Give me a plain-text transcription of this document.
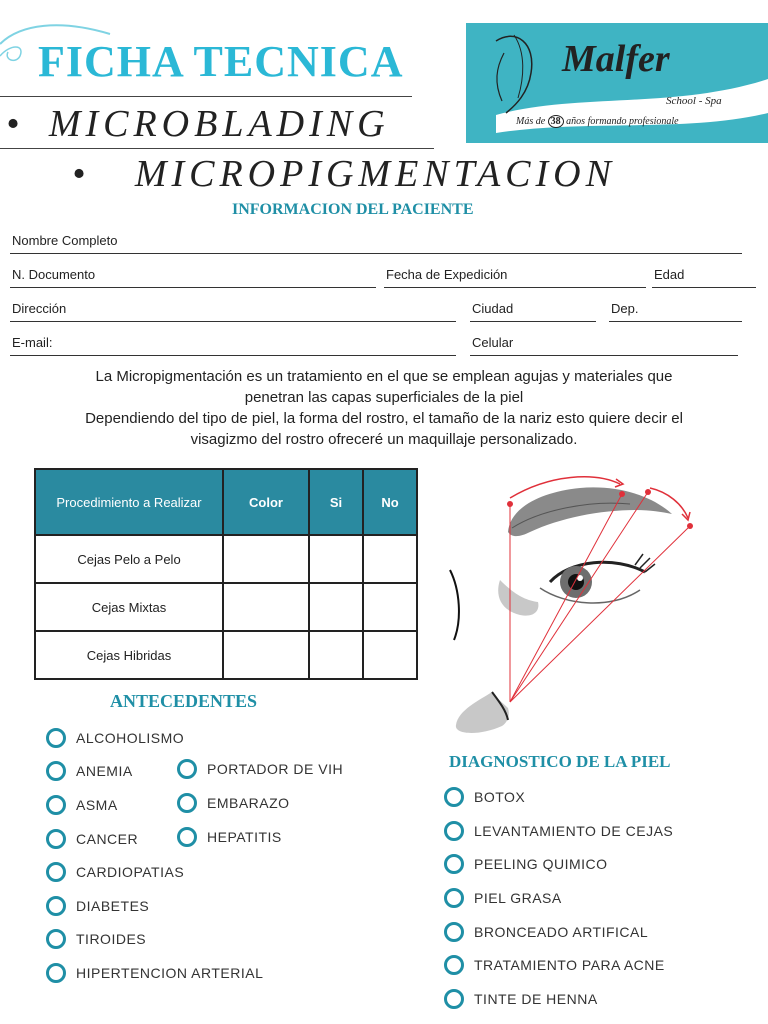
FICHA TECNICA
• MICROBLADING
• MICROPIGMENTACION
Malfer
School - Spa
Más de 38 años formando profesionale
INFORMACION DEL PACIENTE
Nombre Completo
N. Documento	Fecha de Expedición	Edad
Dirección	Ciudad	Dep.
E-mail:	Celular
La Micropigmentación es un tratamiento en el que se emplean agujas y materiales que
penetran las capas superficiales de la piel
Dependiendo del tipo de piel, la forma del rostro, el tamaño de la nariz esto quiere decir el
visagizmo del rostro ofreceré un maquillaje personalizado.
Procedimiento a Realizar	Color	Si	No
Cejas Pelo a Pelo			
Cejas Mixtas			
Cejas Hibridas			
ANTECEDENTES
ALCOHOLISMO
ANEMIA
ASMA
CANCER
CARDIOPATIAS
DIABETES
TIROIDES
HIPERTENCION ARTERIAL
PORTADOR DE VIH
EMBARAZO
HEPATITIS
DIAGNOSTICO DE LA PIEL
BOTOX
LEVANTAMIENTO DE CEJAS
PEELING QUIMICO
PIEL GRASA
BRONCEADO ARTIFICAL
TRATAMIENTO PARA ACNE
TINTE DE HENNA
